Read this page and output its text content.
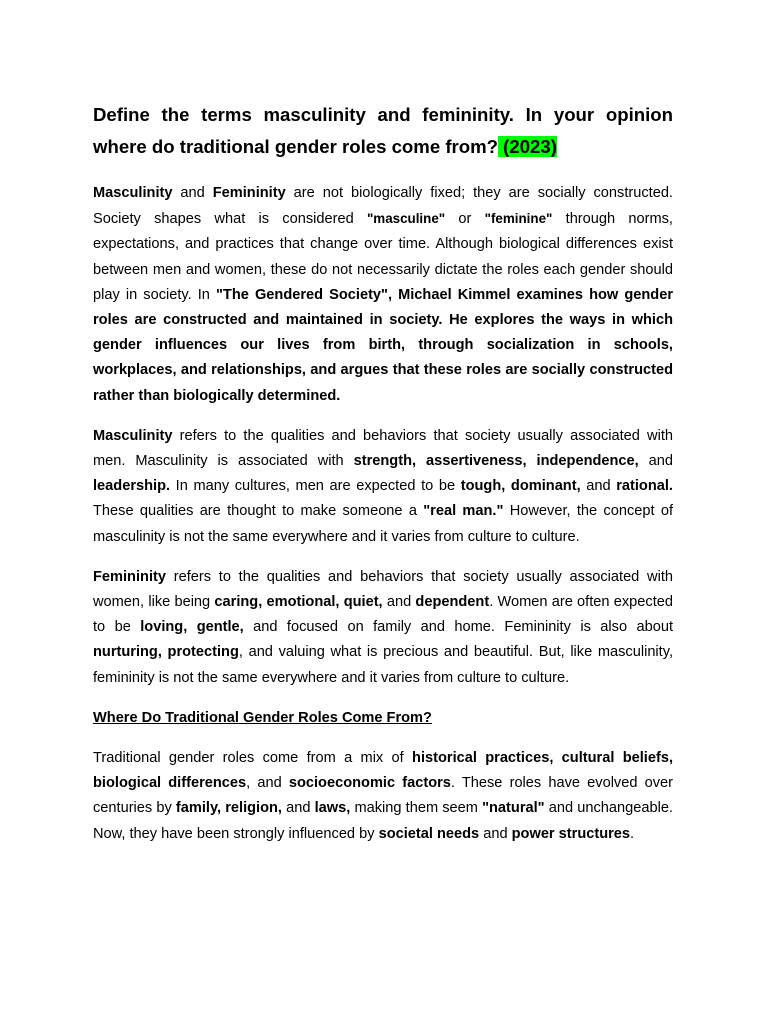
Define the terms masculinity and femininity. In your opinion where do traditional gender roles come from? (2023)

Masculinity and Femininity are not biologically fixed; they are socially constructed. Society shapes what is considered "masculine" or "feminine" through norms, expectations, and practices that change over time. Although biological differences exist between men and women, these do not necessarily dictate the roles each gender should play in society. In "The Gendered Society", Michael Kimmel examines how gender roles are constructed and maintained in society. He explores the ways in which gender influences our lives from birth, through socialization in schools, workplaces, and relationships, and argues that these roles are socially constructed rather than biologically determined.

Masculinity refers to the qualities and behaviors that society usually associated with men. Masculinity is associated with strength, assertiveness, independence, and leadership. In many cultures, men are expected to be tough, dominant, and rational. These qualities are thought to make someone a "real man." However, the concept of masculinity is not the same everywhere and it varies from culture to culture.

Femininity refers to the qualities and behaviors that society usually associated with women, like being caring, emotional, quiet, and dependent. Women are often expected to be loving, gentle, and focused on family and home. Femininity is also about nurturing, protecting, and valuing what is precious and beautiful. But, like masculinity, femininity is not the same everywhere and it varies from culture to culture.

Where Do Traditional Gender Roles Come From?

Traditional gender roles come from a mix of historical practices, cultural beliefs, biological differences, and socioeconomic factors. These roles have evolved over centuries by family, religion, and laws, making them seem "natural" and unchangeable. Now, they have been strongly influenced by societal needs and power structures.
